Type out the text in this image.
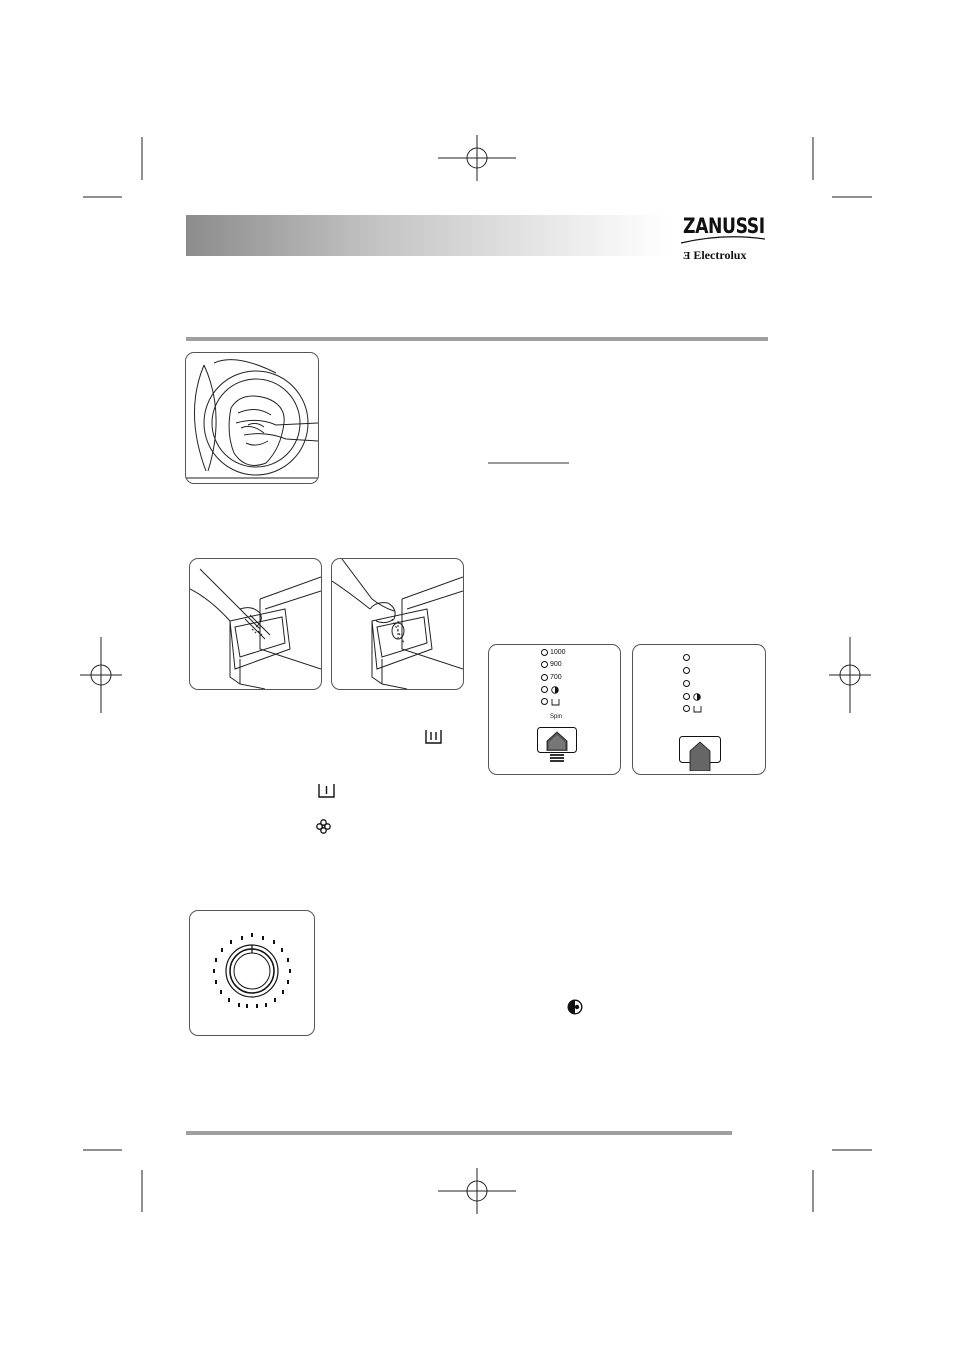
ZANUSSI
Ǝ Electrolux
1000
900
700
Spin
